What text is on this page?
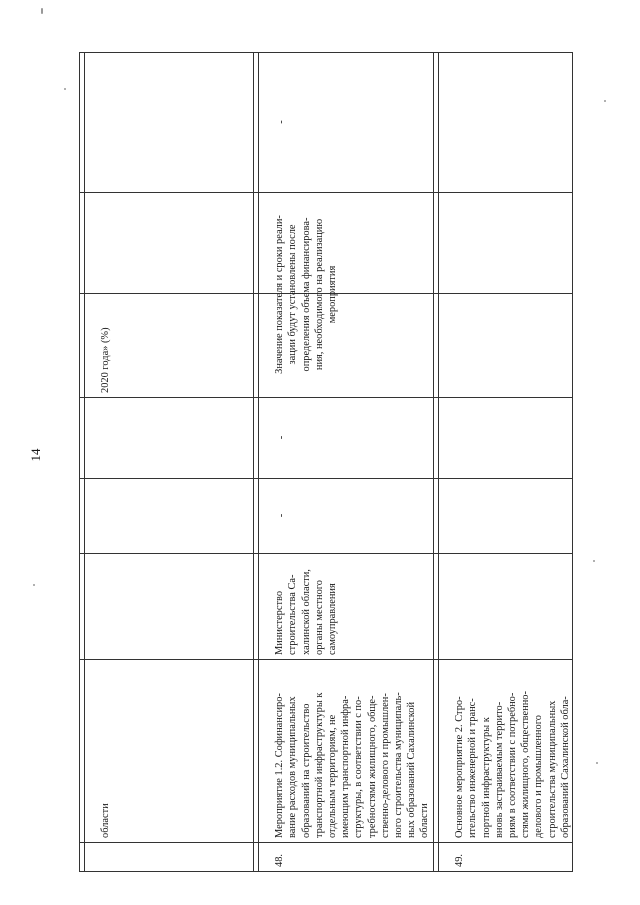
14

области

2020 года» (%)

48.

Мероприятие 1.2. Софинансиро-
вание расходов муниципальных
образований на строительство
транспортной инфраструктуры к
отдельным территориям, не
имеющим транспортной инфра-
структуры, в соответствии с по-
требностями жилищного, обще-
ственно-делового и промышлен-
ного строительства муниципаль-
ных образований Сахалинской
области

Министерство
строительства Са-
халинской области,
органы местного
самоуправления

-

-

Значение показателя и сроки реали-
зации будут установлены после
определения объема финансирова-
ния, необходимого на реализацию
мероприятия

-

49.

Основное мероприятие 2. Стро-
ительство инженерной и транс-
портной инфраструктуры к
вновь застраиваемым террито-
риям в соответствии с потребно-
стями жилищного, общественно-
делового и промышленного
строительства муниципальных
образований Сахалинской обла-
